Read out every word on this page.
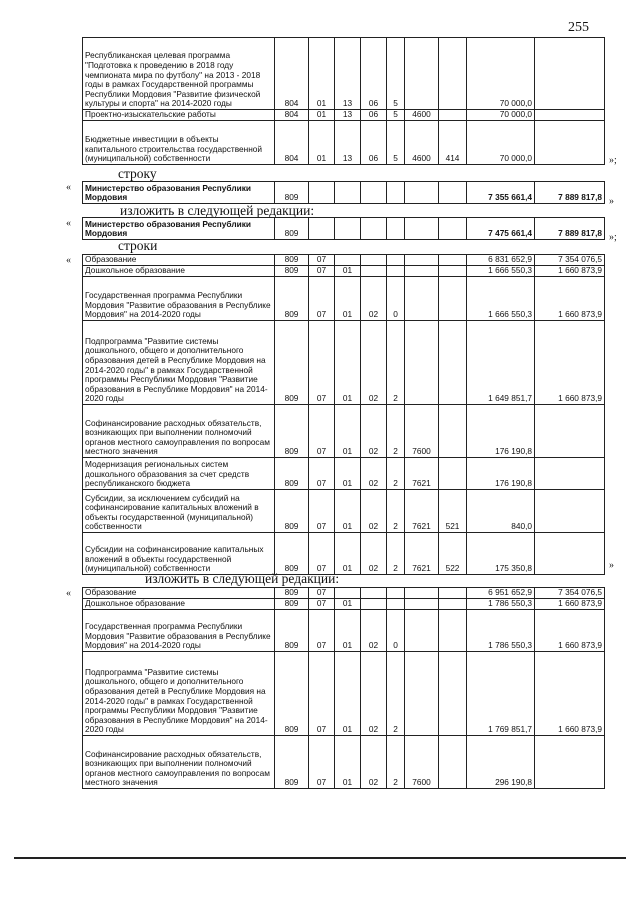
255
Республиканская целевая программа "Подготовка к проведению в 2018 году чемпионата мира по футболу" на 2013 - 2018 годы в рамках Государственной программы Республики Мордовия "Развитие физической культуры и спорта" на 2014-2020 годы	804	01	13	06	5			70 000,0	
Проектно-изыскательские работы	804	01	13	06	5	4600		70 000,0	
Бюджетные инвестиции в объекты капитального строительства государственной (муниципальной) собственности	804	01	13	06	5	4600	414	70 000,0		»;
строку
« Министерство образования Республики Мордовия	809							7 355 661,4	7 889 817,8 »
изложить в следующей редакции:
« Министерство образования Республики Мордовия	809							7 475 661,4	7 889 817,8 »;
строки
« Образование	809	07						6 831 652,9	7 354 076,5
Дошкольное образование	809	07	01					1 666 550,3	1 660 873,9
Государственная программа Республики Мордовия "Развитие образования в Республике Мордовия" на 2014-2020 годы	809	07	01	02	0			1 666 550,3	1 660 873,9
Подпрограмма "Развитие системы дошкольного, общего и дополнительного образования детей в Республике Мордовия на 2014-2020 годы" в рамках Государственной программы Республики Мордовия "Развитие образования в Республике Мордовия" на 2014-2020 годы	809	07	01	02	2			1 649 851,7	1 660 873,9
Софинансирование расходных обязательств, возникающих при выполнении полномочий органов местного самоуправления по вопросам местного значения	809	07	01	02	2	7600		176 190,8	
Модернизация региональных систем дошкольного образования за счет средств республиканского бюджета	809	07	01	02	2	7621		176 190,8	
Субсидии, за исключением субсидий на софинансирование капитальных вложений в объекты государственной (муниципальной) собственности	809	07	01	02	2	7621	521	840,0	
Субсидии на софинансирование капитальных вложений в объекты государственной (муниципальной) собственности	809	07	01	02	2	7621	522	175 350,8		»
изложить в следующей редакции:
« Образование	809	07						6 951 652,9	7 354 076,5
Дошкольное образование	809	07	01					1 786 550,3	1 660 873,9
Государственная программа Республики Мордовия "Развитие образования в Республике Мордовия" на 2014-2020 годы	809	07	01	02	0			1 786 550,3	1 660 873,9
Подпрограмма "Развитие системы дошкольного, общего и дополнительного образования детей в Республике Мордовия на 2014-2020 годы" в рамках Государственной программы Республики Мордовия "Развитие образования в Республике Мордовия" на 2014-2020 годы	809	07	01	02	2			1 769 851,7	1 660 873,9
Софинансирование расходных обязательств, возникающих при выполнении полномочий органов местного самоуправления по вопросам местного значения	809	07	01	02	2	7600		296 190,8	
